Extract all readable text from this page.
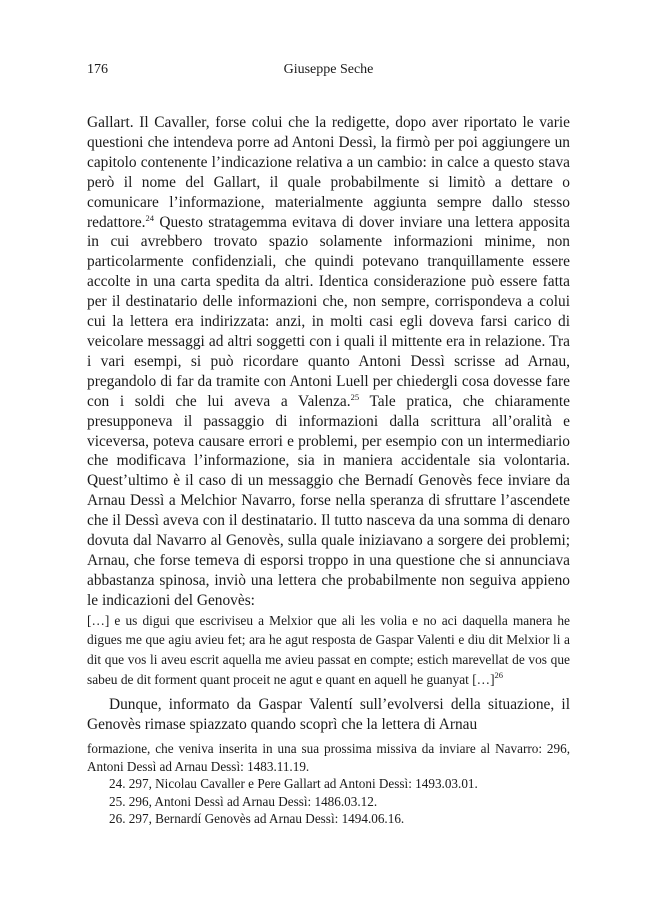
176	Giuseppe Seche

Gallart. Il Cavaller, forse colui che la redigette, dopo aver riportato le varie questioni che intendeva porre ad Antoni Dessì, la firmò per poi aggiungere un capitolo contenente l’indicazione relativa a un cambio: in calce a questo stava però il nome del Gallart, il quale probabilmente si limitò a dettare o comunicare l’informazione, materialmente aggiunta sempre dallo stesso redattore.$^{24}$ Questo stratagemma evitava di dover inviare una lettera apposita in cui avrebbero trovato spazio solamente informazioni minime, non particolarmente confidenziali, che quindi potevano tranquillamente essere accolte in una carta spedita da altri. Identica considerazione può essere fatta per il destinatario delle informazioni che, non sempre, corrispondeva a colui cui la lettera era indirizzata: anzi, in molti casi egli doveva farsi carico di veicolare messaggi ad altri soggetti con i quali il mittente era in relazione. Tra i vari esempi, si può ricordare quanto Antoni Dessì scrisse ad Arnau, pregandolo di far da tramite con Antoni Luell per chiedergli cosa dovesse fare con i soldi che lui aveva a Valenza.$^{25}$ Tale pratica, che chiaramente presupponeva il passaggio di informazioni dalla scrittura all’oralità e viceversa, poteva causare errori e problemi, per esempio con un intermediario che modificava l’informazione, sia in maniera accidentale sia volontaria. Quest’ultimo è il caso di un messaggio che Bernadí Genovès fece inviare da Arnau Dessì a Melchior Navarro, forse nella speranza di sfruttare l’ascendete che il Dessì aveva con il destinatario. Il tutto nasceva da una somma di denaro dovuta dal Navarro al Genovès, sulla quale iniziavano a sorgere dei problemi; Arnau, che forse temeva di esporsi troppo in una questione che si annunciava abbastanza spinosa, inviò una lettera che probabilmente non seguiva appieno le indicazioni del Genovès:

[…] e us digui que escriviseu a Melxior que ali les volia e no aci daquella manera he digues me que agiu avieu fet; ara he agut resposta de Gaspar Valenti e diu dit Melxior li a dit que vos li aveu escrit aquella me avieu passat en compte; estich marevellat de vos que sabeu de dit forment quant proceit ne agut e quant en aquell he guanyat […]$^{26}$

Dunque, informato da Gaspar Valentí sull’evolversi della situazione, il Genovès rimase spiazzato quando scoprì che la lettera di Arnau

formazione, che veniva inserita in una sua prossima missiva da inviare al Navarro: 296, Antoni Dessì ad Arnau Dessì: 1483.11.19.

24. 297, Nicolau Cavaller e Pere Gallart ad Antoni Dessì: 1493.03.01.

25. 296, Antoni Dessì ad Arnau Dessì: 1486.03.12.

26. 297, Bernardí Genovès ad Arnau Dessì: 1494.06.16.
